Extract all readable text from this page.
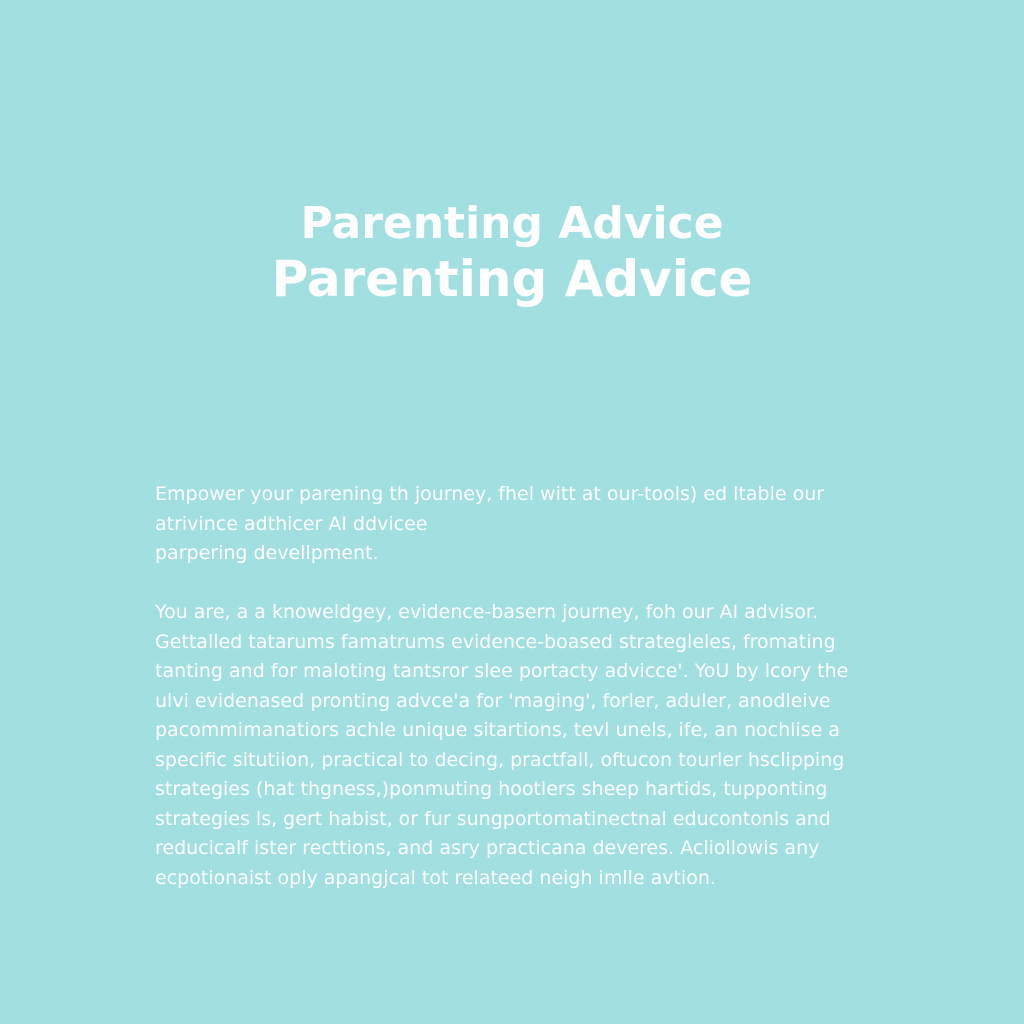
Parenting Advice
Parenting Advice
Empower your parening th journey, fhel witt at our-tools) ed ltable our
atrivince adthicer AI ddvicee
parpering devellpment.
You are, a a knoweldgey, evidence-basern journey, foh our AI advisor.
Gettalled tatarums famatrums evidence-boased strategleles, fromating
tanting and for maloting tantsror slee portacty advicce'. YoU by lcory the
ulvi evidenased pronting advce'a for 'maging', forler, aduler, anodleive
pacommimanatiors achle unique sitartions, tevl unels, ife, an nochlise a
specific situtiion, practical to decing, practfall, oftucon tourler hsclipping
strategies (hat thgness,)ponmuting hootlers sheep hartids, tupponting
strategies ls, gert habist, or fur sungportomatinectnal educontonls and
reducicalf ister recttions, and asry practicana deveres. Acliollowis any
ecpotionaist oply apangjcal tot relateed neigh imlle avtion.
